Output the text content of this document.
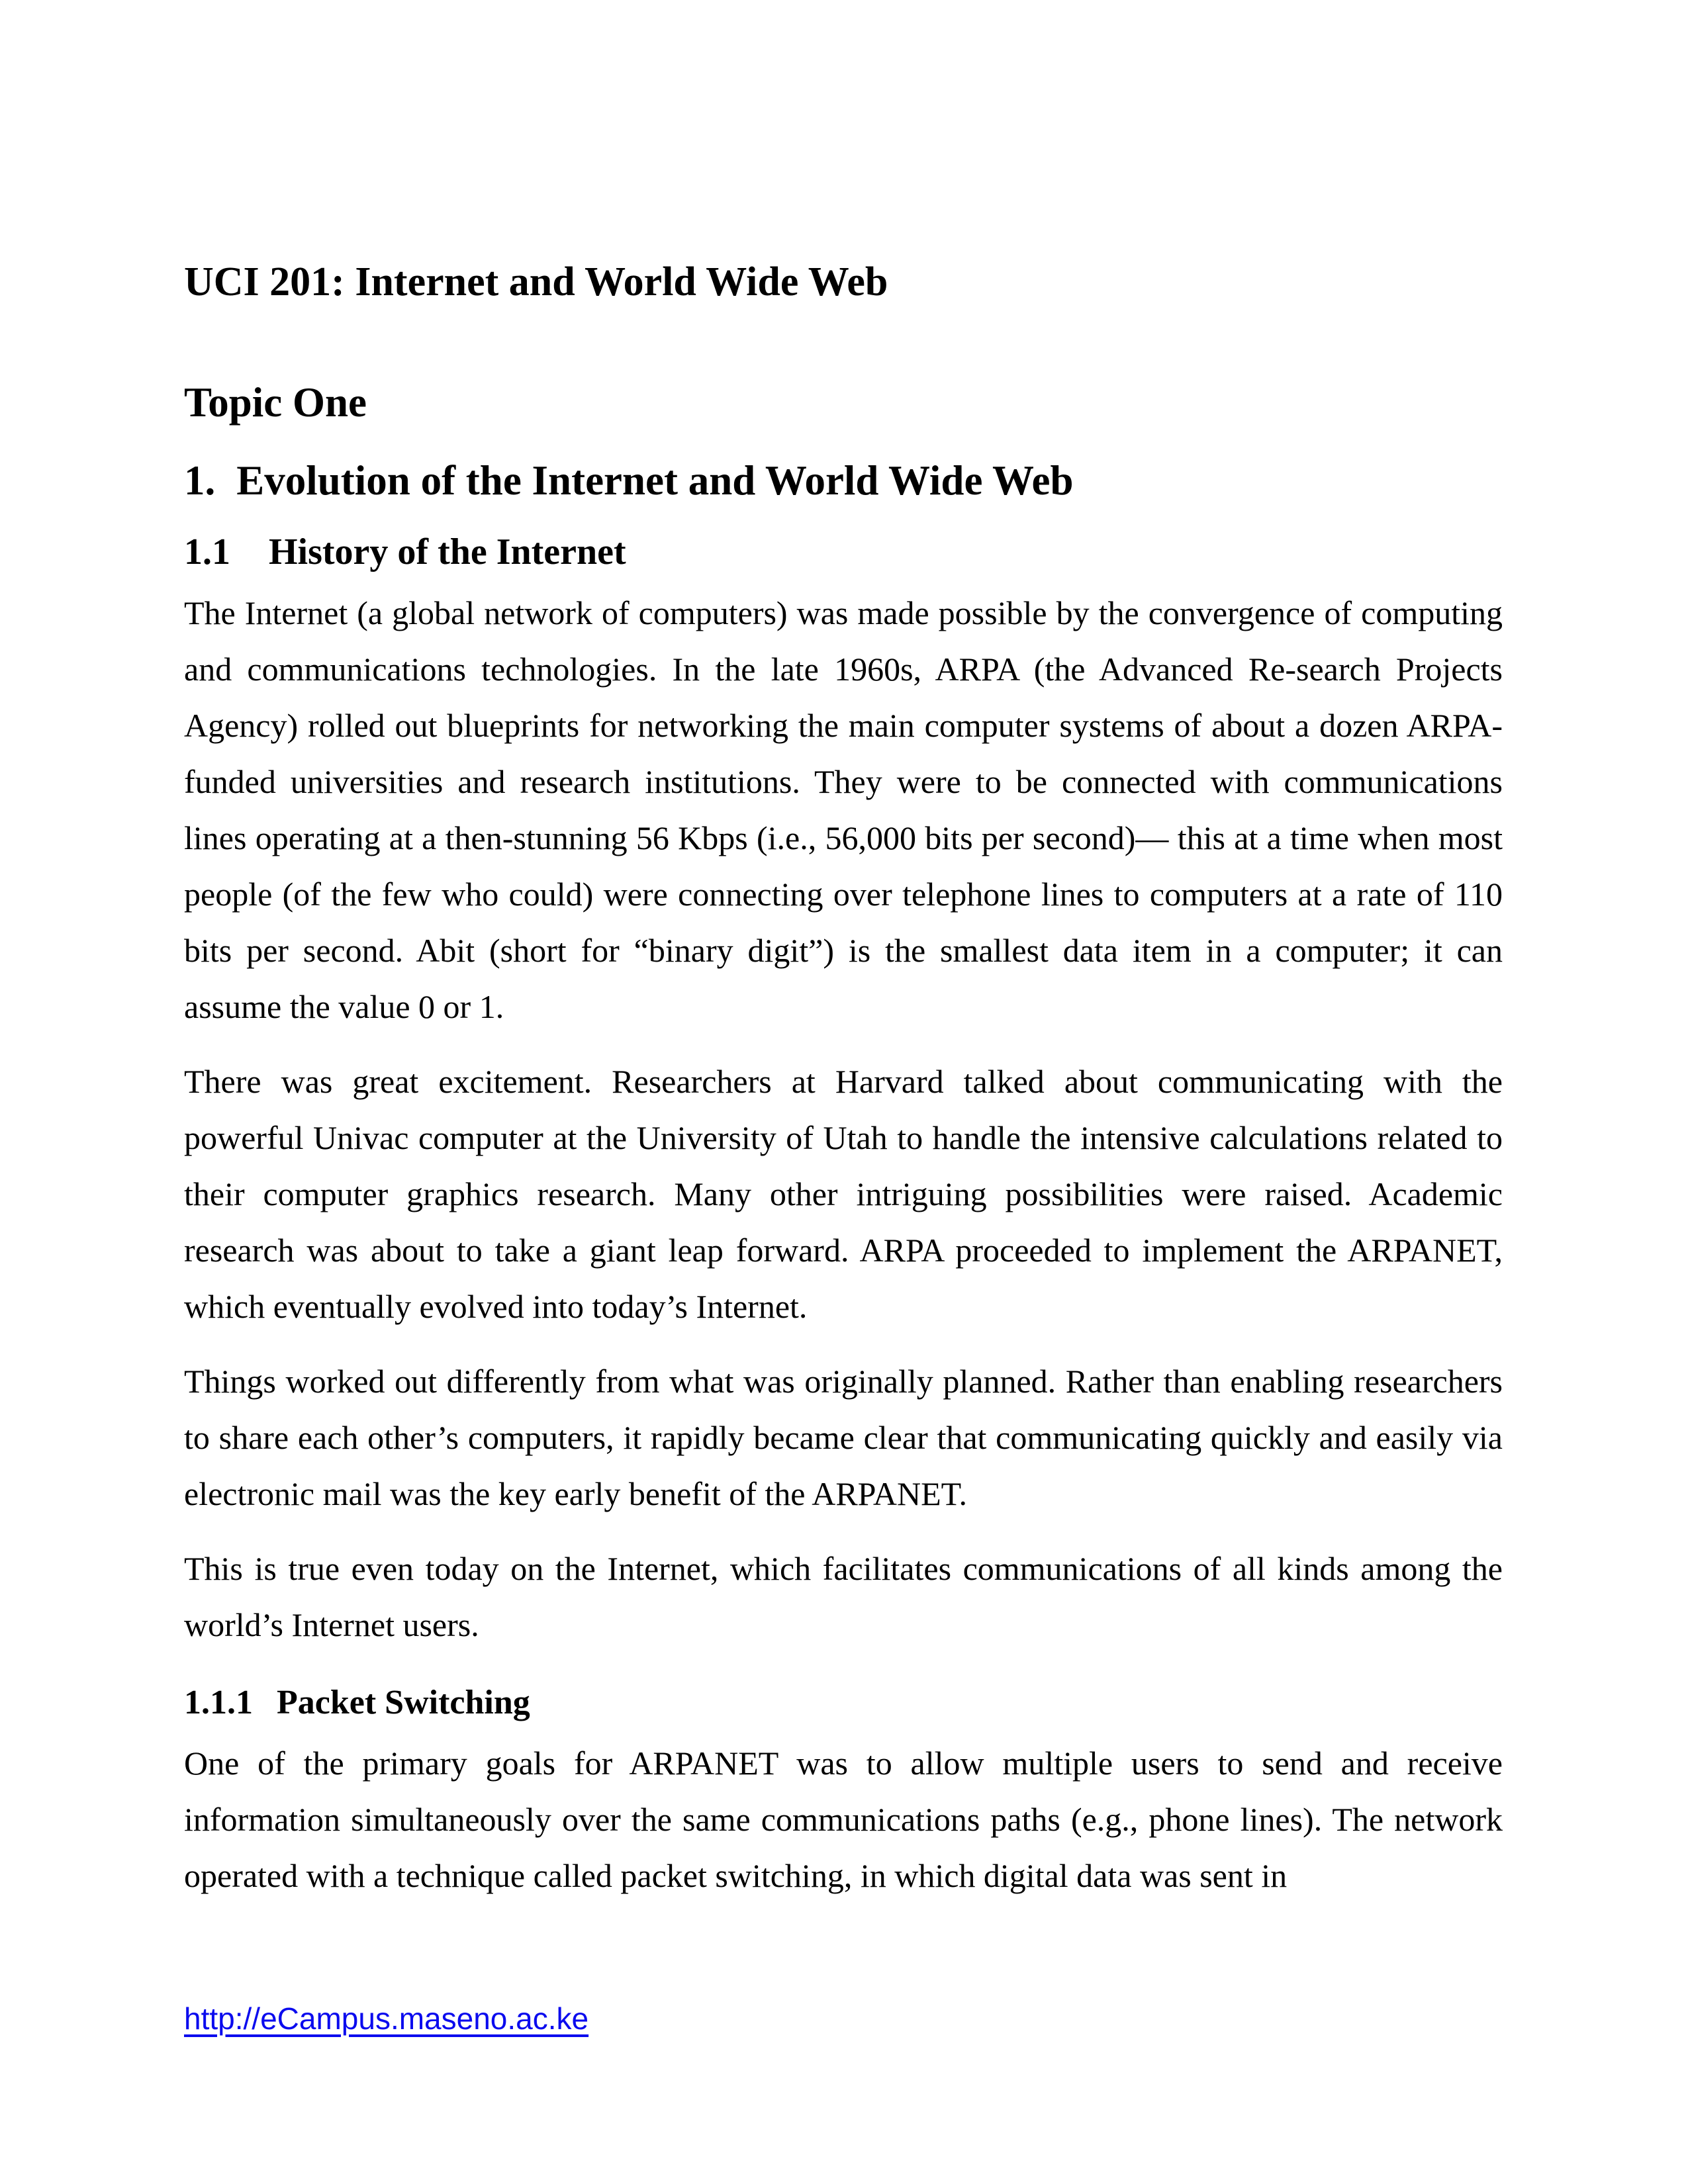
UCI 201: Internet and World Wide Web
Topic One
1. Evolution of the Internet and World Wide Web
1.1 History of the Internet

The Internet (a global network of computers) was made possible by the convergence of computing and communications technologies. In the late 1960s, ARPA (the Advanced Re-search Projects Agency) rolled out blueprints for networking the main computer systems of about a dozen ARPA-funded universities and research institutions. They were to be connected with communications lines operating at a then-stunning 56 Kbps (i.e., 56,000 bits per second)— this at a time when most people (of the few who could) were connecting over telephone lines to computers at a rate of 110 bits per second. Abit (short for “binary digit”) is the smallest data item in a computer; it can assume the value 0 or 1.

There was great excitement. Researchers at Harvard talked about communicating with the powerful Univac computer at the University of Utah to handle the intensive calculations related to their computer graphics research. Many other intriguing possibilities were raised. Academic research was about to take a giant leap forward. ARPA proceeded to implement the ARPANET, which eventually evolved into today’s Internet.

Things worked out differently from what was originally planned. Rather than enabling researchers to share each other’s computers, it rapidly became clear that communicating quickly and easily via electronic mail was the key early benefit of the ARPANET.

This is true even today on the Internet, which facilitates communications of all kinds among the world’s Internet users.

1.1.1 Packet Switching

One of the primary goals for ARPANET was to allow multiple users to send and receive information simultaneously over the same communications paths (e.g., phone lines). The network operated with a technique called packet switching, in which digital data was sent in

http://eCampus.maseno.ac.ke
